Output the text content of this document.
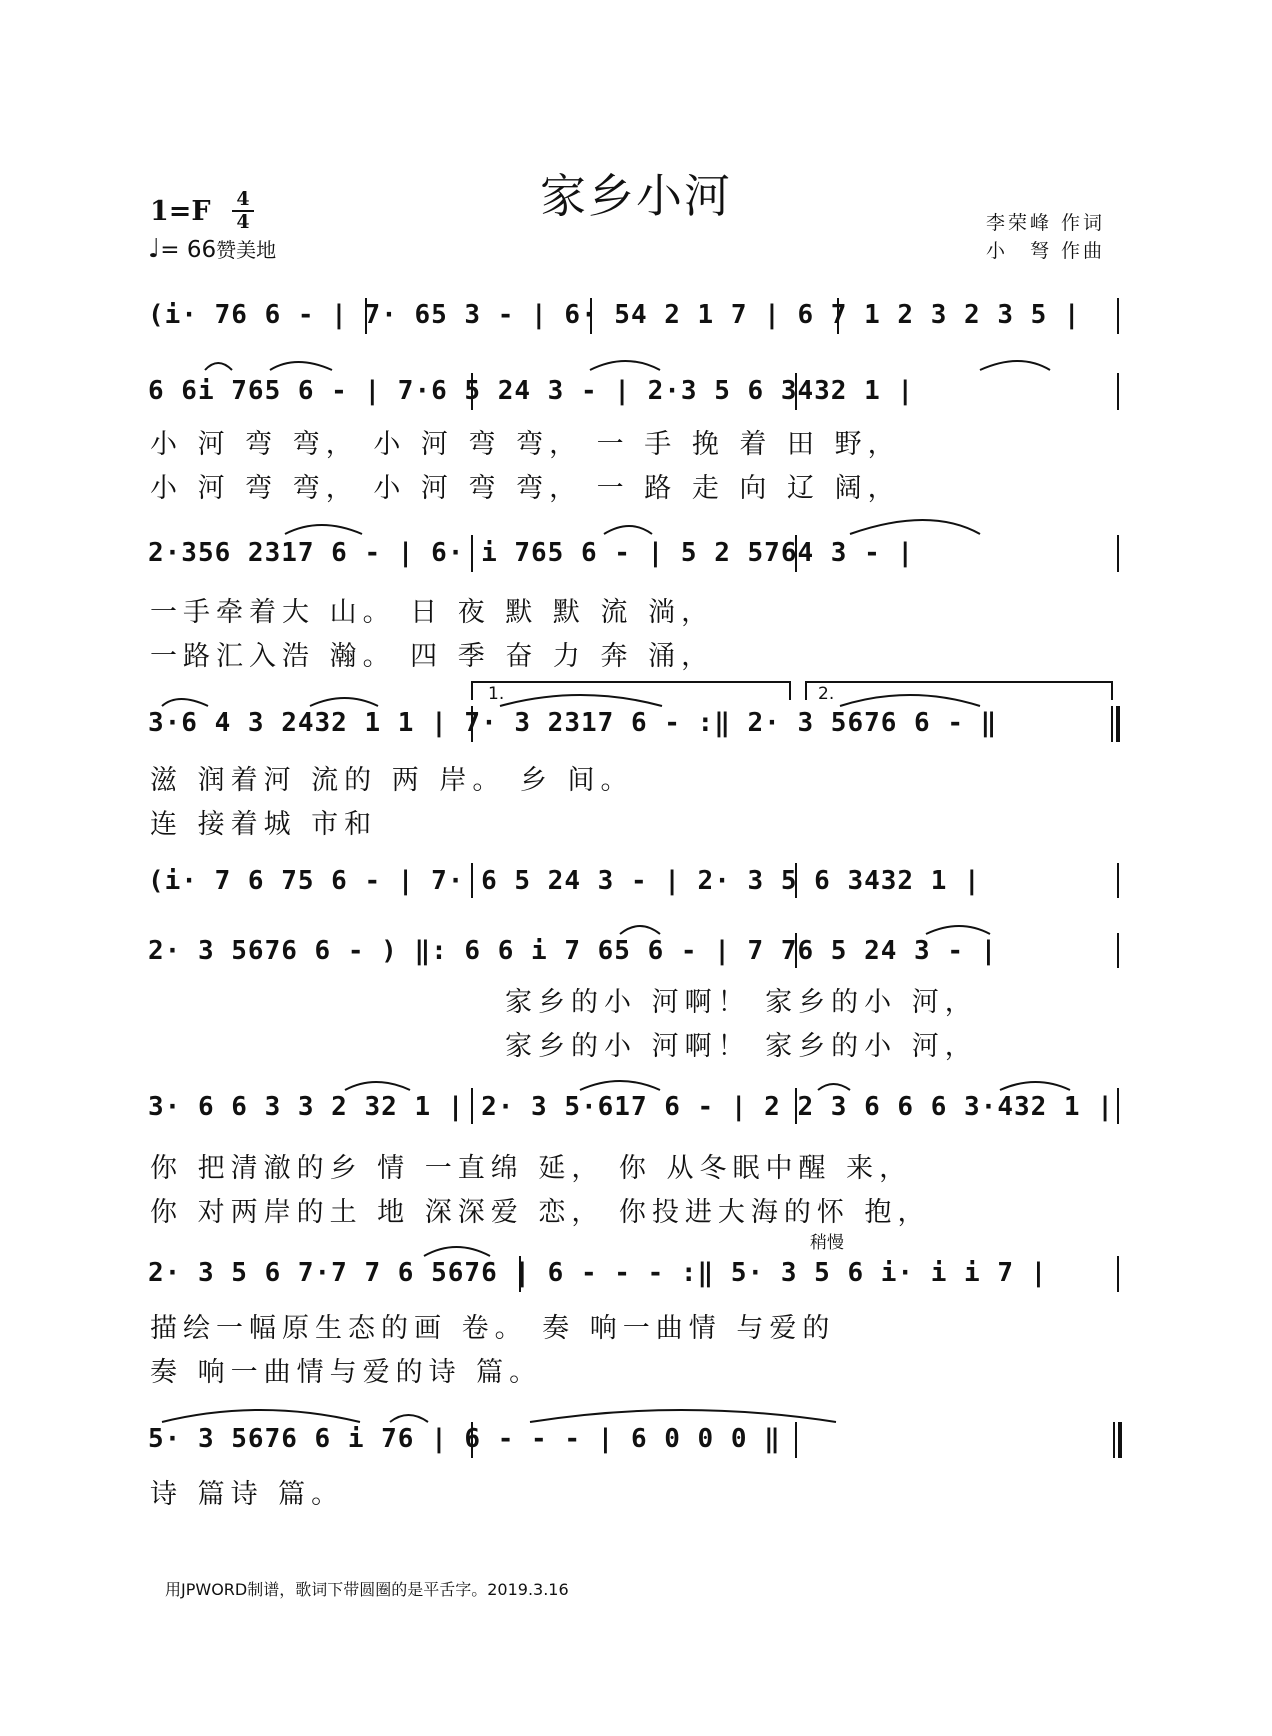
家乡小河
1=F 4
4
♩= 66赞美地
李荣峰 作词
小　弩 作曲
(i· 76 6 - | 7· 65 3 - | 6· 54 2 1 7 | 6 7 1 2 3 2 3 5 |
6 6i 765 6 - | 7·6 5 24 3 - | 2·3 5 6 3432 1 |
小 河 弯 弯， 小 河 弯 弯， 一 手 挽 着 田 野，
小 河 弯 弯， 小 河 弯 弯， 一 路 走 向 辽 阔，
2·356 2317 6 - | 6· i 765 6 - | 5 2 5764 3 - |
一手牵着大 山。 日 夜 默 默 流 淌，
一路汇入浩 瀚。 四 季 奋 力 奔 涌，
1.	2.
3·6 4 3 2432 1 1 | 7· 3 2317 6 - :‖ 2· 3 5676 6 - ‖
滋 润着河 流的 两 岸。 乡 间。
连 接着城 市和
(i· 7 6 75 6 - | 7· 6 5 24 3 - | 2· 3 5 6 3432 1 |
2· 3 5676 6 - ) ‖: 6 6 i 7 65 6 - | 7 76 5 24 3 - |
家乡的小 河啊！ 家乡的小 河，
家乡的小 河啊！ 家乡的小 河，
3· 6 6 3 3 2 32 1 | 2· 3 5·617 6 - | 2 2 3 6 6 6 3·432 1 |
你 把清澈的乡 情 一直绵 延， 你 从冬眠中醒 来，
你 对两岸的土 地 深深爱 恋， 你投进大海的怀 抱，
稍慢
2· 3 5 6 7·7 7 6 5676 | 6 - - - :‖ 5· 3 5 6 i· i i 7 |
描绘一幅原生态的画 卷。 奏 响一曲情 与爱的
奏 响一曲情与爱的诗 篇。
5· 3 5676 6 i 76 | 6 - - - | 6 0 0 0 ‖
诗 篇诗 篇。
用JPWORD制谱，歌词下带圆圈的是平舌字。2019.3.16
